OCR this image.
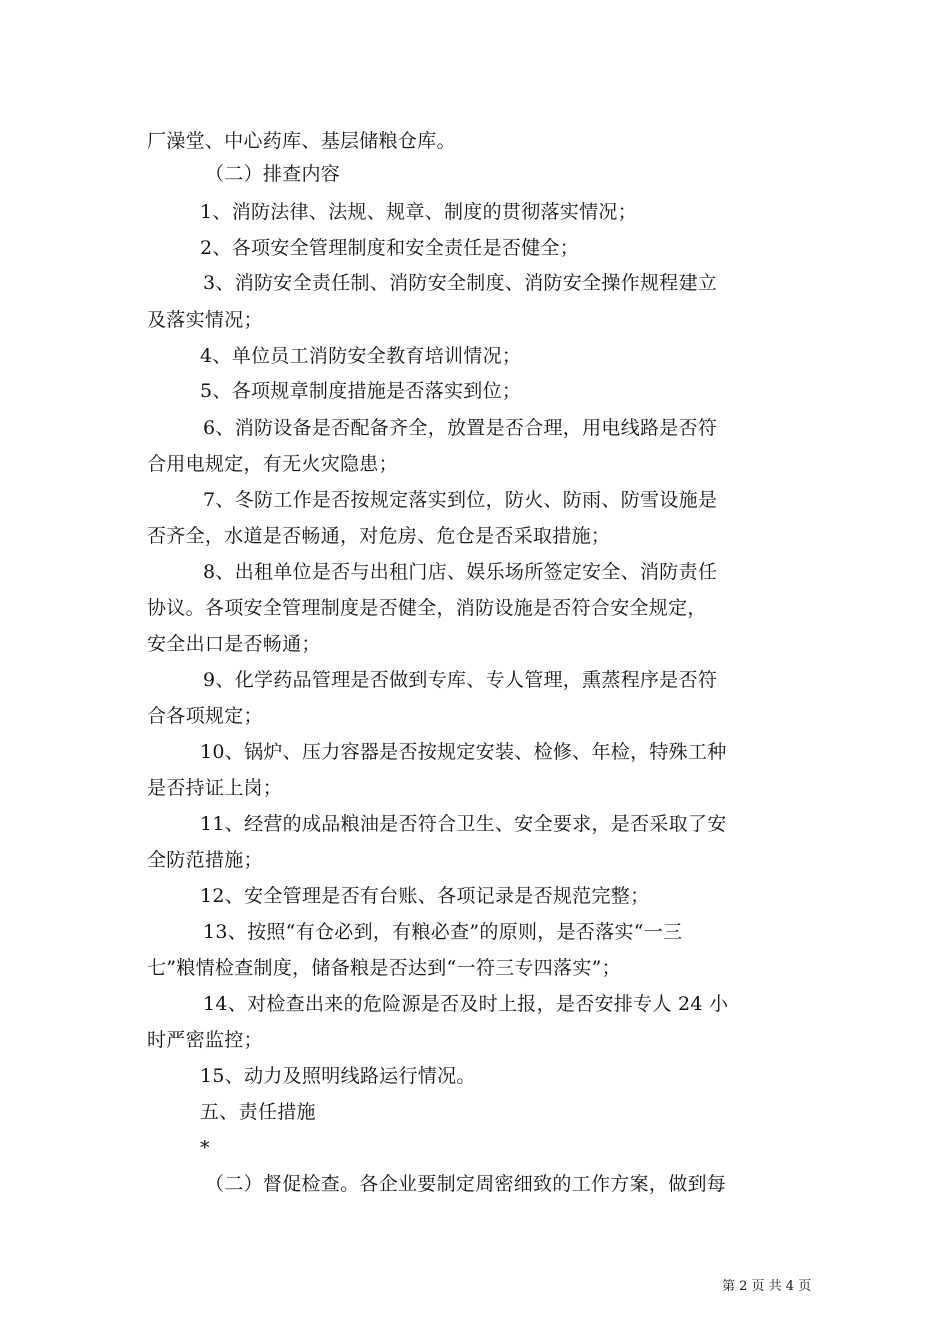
厂澡堂、中心药库、基层储粮仓库。
（二）排查内容
1、消防法律、法规、规章、制度的贯彻落实情况；
2、各项安全管理制度和安全责任是否健全；
3、消防安全责任制、消防安全制度、消防安全操作规程建立
及落实情况；
4、单位员工消防安全教育培训情况；
5、各项规章制度措施是否落实到位；
6、消防设备是否配备齐全，放置是否合理，用电线路是否符
合用电规定，有无火灾隐患；
7、冬防工作是否按规定落实到位，防火、防雨、防雪设施是
否齐全，水道是否畅通，对危房、危仓是否采取措施；
8、出租单位是否与出租门店、娱乐场所签定安全、消防责任
协议。各项安全管理制度是否健全，消防设施是否符合安全规定，
安全出口是否畅通；
9、化学药品管理是否做到专库、专人管理，熏蒸程序是否符
合各项规定；
10、锅炉、压力容器是否按规定安装、检修、年检，特殊工种
是否持证上岗；
11、经营的成品粮油是否符合卫生、安全要求，是否采取了安
全防范措施；
12、安全管理是否有台账、各项记录是否规范完整；
13、按照“有仓必到，有粮必查”的原则，是否落实“一三
七”粮情检查制度，储备粮是否达到“一符三专四落实”；
14、对检查出来的危险源是否及时上报，是否安排专人 24 小
时严密监控；
15、动力及照明线路运行情况。
五、责任措施
*
（二）督促检查。各企业要制定周密细致的工作方案，做到每
第 2 页 共 4 页
